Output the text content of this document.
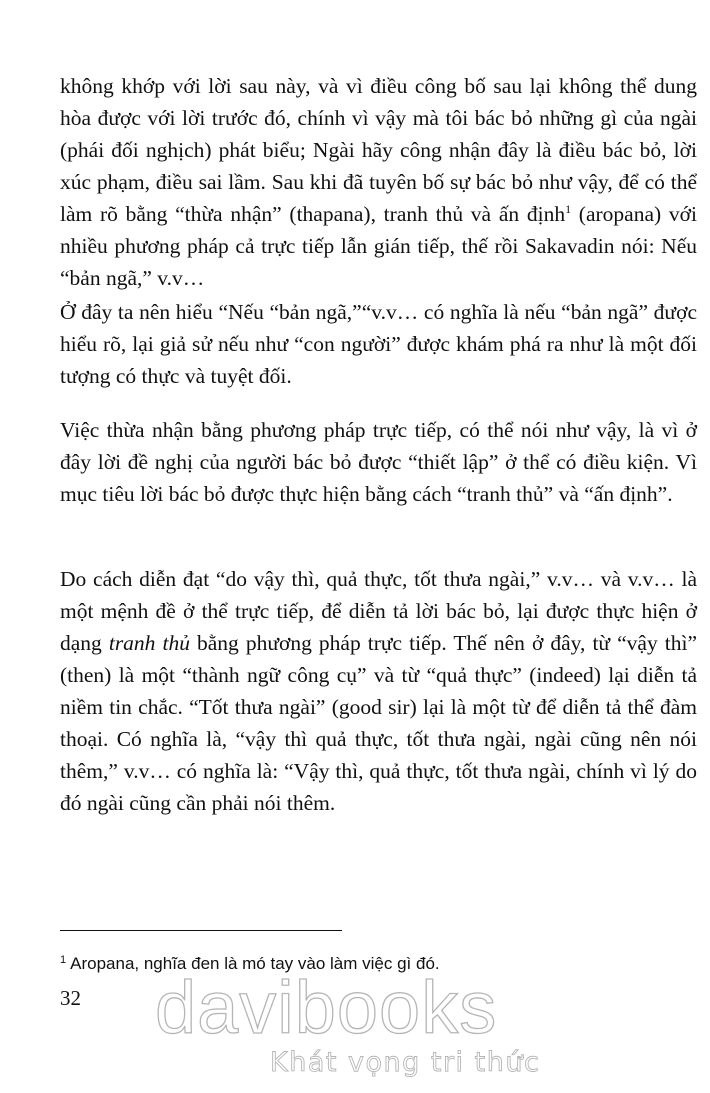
không khớp với lời sau này, và vì điều công bố sau lại không thể dung hòa được với lời trước đó, chính vì vậy mà tôi bác bỏ những gì của ngài (phái đối nghịch) phát biểu; Ngài hãy công nhận đây là điều bác bỏ, lời xúc phạm, điều sai lầm. Sau khi đã tuyên bố sự bác bỏ như vậy, để có thể làm rõ bằng “thừa nhận” (thapana), tranh thủ và ấn định$^1$ (aropana) với nhiều phương pháp cả trực tiếp lẫn gián tiếp, thế rồi Sakavadin nói: Nếu “bản ngã,” v.v…

Ở đây ta nên hiểu “Nếu “bản ngã,”“v.v… có nghĩa là nếu “bản ngã” được hiểu rõ, lại giả sử nếu như “con người” được khám phá ra như là một đối tượng có thực và tuyệt đối.

Việc thừa nhận bằng phương pháp trực tiếp, có thể nói như vậy, là vì ở đây lời đề nghị của người bác bỏ được “thiết lập” ở thể có điều kiện. Vì mục tiêu lời bác bỏ được thực hiện bằng cách “tranh thủ” và “ấn định”.

Do cách diễn đạt “do vậy thì, quả thực, tốt thưa ngài,” v.v… và v.v… là một mệnh đề ở thể trực tiếp, để diễn tả lời bác bỏ, lại được thực hiện ở dạng tranh thủ bằng phương pháp trực tiếp. Thế nên ở đây, từ “vậy thì” (then) là một “thành ngữ công cụ” và từ “quả thực” (indeed) lại diễn tả niềm tin chắc. “Tốt thưa ngài” (good sir) lại là một từ để diễn tả thể đàm thoại. Có nghĩa là, “vậy thì quả thực, tốt thưa ngài, ngài cũng nên nói thêm,” v.v… có nghĩa là: “Vậy thì, quả thực, tốt thưa ngài, chính vì lý do đó ngài cũng cần phải nói thêm.

$^1$ Aropana, nghĩa đen là mó tay vào làm việc gì đó.
32 davibooks
Khát vọng tri thức
